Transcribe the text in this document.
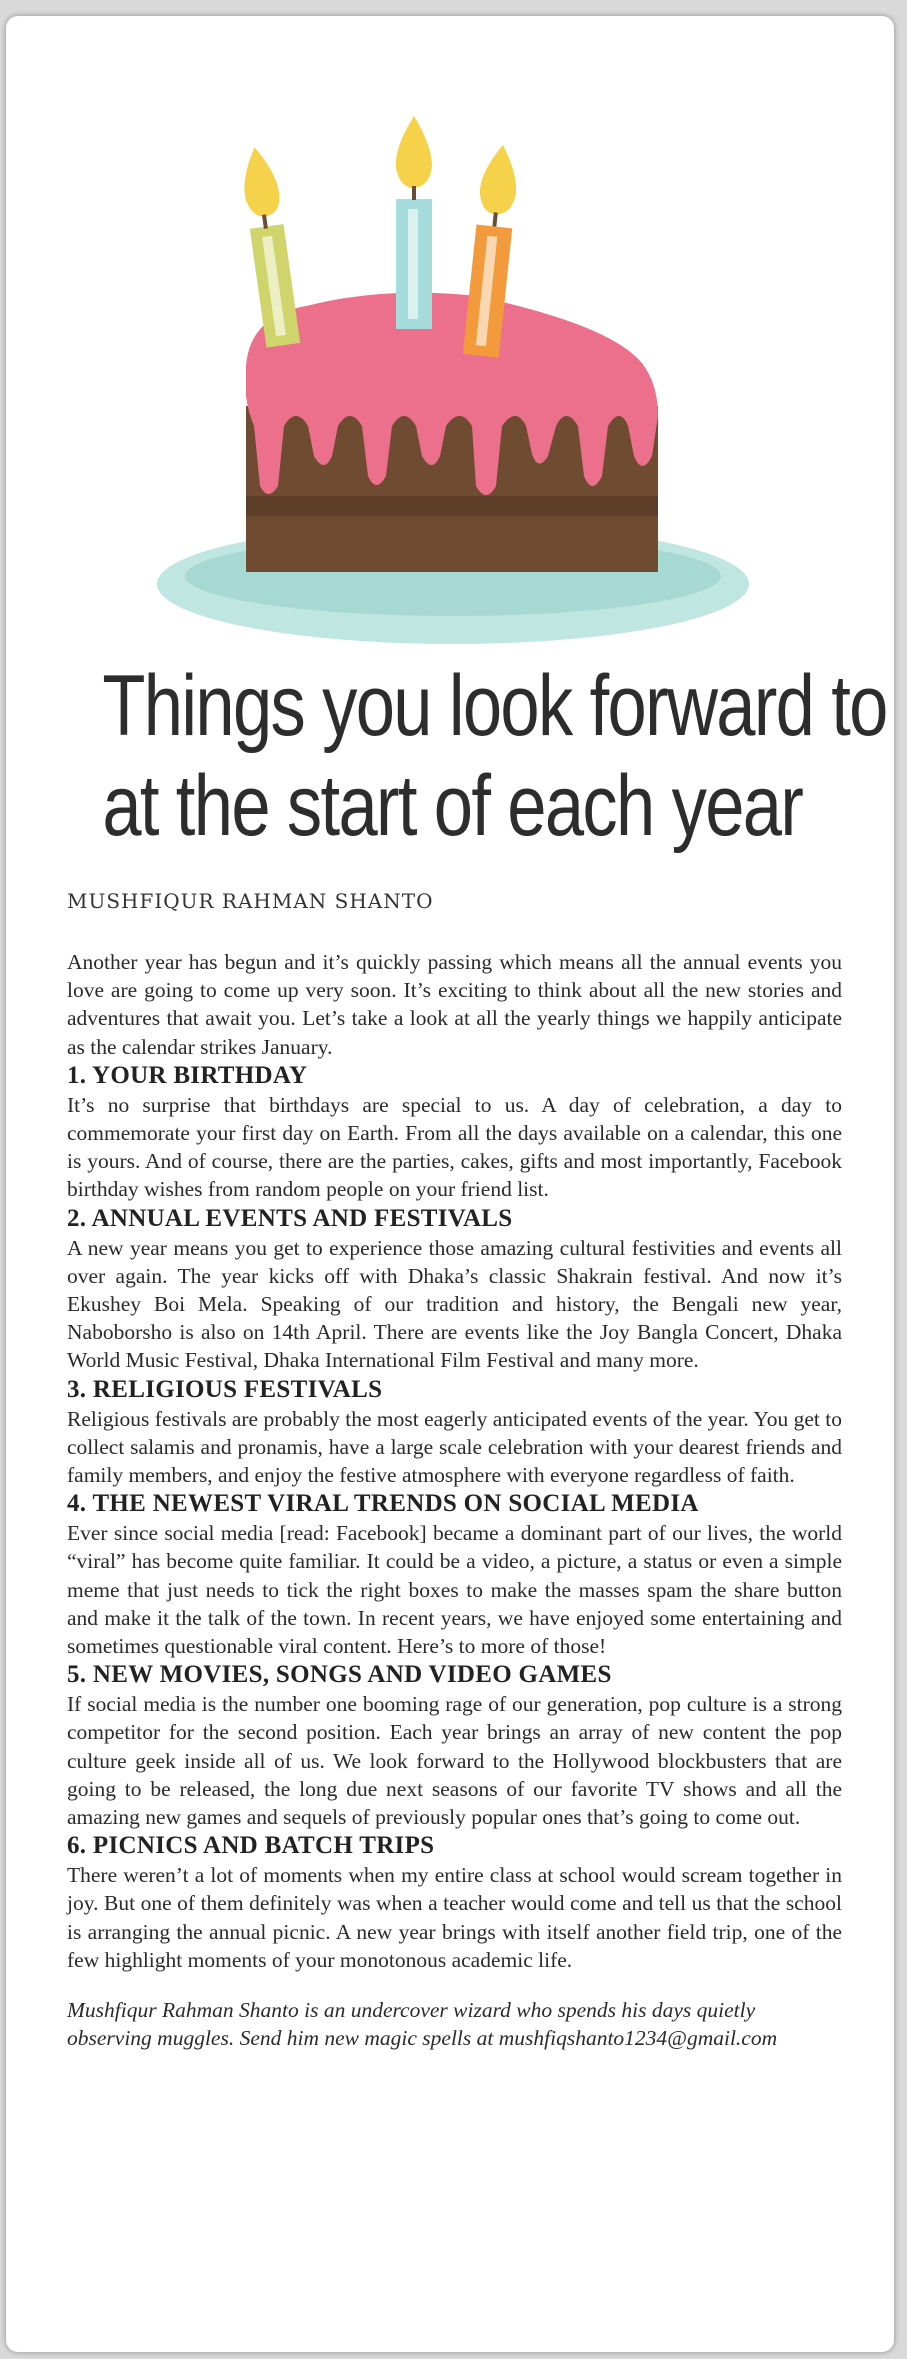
Things you look forward to
at the start of each year

MUSHFIQUR RAHMAN SHANTO

Another year has begun and it’s quickly passing which means all the annual events you love are going to come up very soon. It’s exciting to think about all the new stories and adventures that await you. Let’s take a look at all the yearly things we happily anticipate as the calendar strikes January.

1. YOUR BIRTHDAY

It’s no surprise that birthdays are special to us. A day of celebration, a day to commemorate your first day on Earth. From all the days available on a calendar, this one is yours. And of course, there are the parties, cakes, gifts and most importantly, Facebook birthday wishes from random people on your friend list.

2. ANNUAL EVENTS AND FESTIVALS

A new year means you get to experience those amazing cultural festivities and events all over again. The year kicks off with Dhaka’s classic Shakrain festival. And now it’s Ekushey Boi Mela. Speaking of our tradition and history, the Bengali new year, Naboborsho is also on 14th April. There are events like the Joy Bangla Concert, Dhaka World Music Festival, Dhaka International Film Festival and many more.

3. RELIGIOUS FESTIVALS

Religious festivals are probably the most eagerly anticipated events of the year. You get to collect salamis and pronamis, have a large scale celebration with your dearest friends and family members, and enjoy the festive atmosphere with everyone regardless of faith.

4. THE NEWEST VIRAL TRENDS ON SOCIAL MEDIA

Ever since social media [read: Facebook] became a dominant part of our lives, the world “viral” has become quite familiar. It could be a video, a picture, a status or even a simple meme that just needs to tick the right boxes to make the masses spam the share button and make it the talk of the town. In recent years, we have enjoyed some entertaining and sometimes questionable viral content. Here’s to more of those!

5. NEW MOVIES, SONGS AND VIDEO GAMES

If social media is the number one booming rage of our generation, pop culture is a strong competitor for the second position. Each year brings an array of new content the pop culture geek inside all of us. We look forward to the Hollywood blockbusters that are going to be released, the long due next seasons of our favorite TV shows and all the amazing new games and sequels of previously popular ones that’s going to come out.

6. PICNICS AND BATCH TRIPS

There weren’t a lot of moments when my entire class at school would scream together in joy. But one of them definitely was when a teacher would come and tell us that the school is arranging the annual picnic. A new year brings with itself another field trip, one of the few highlight moments of your monotonous academic life.

Mushfiqur Rahman Shanto is an undercover wizard who spends his days quietly observing muggles. Send him new magic spells at mushfiqshanto1234@gmail.com
